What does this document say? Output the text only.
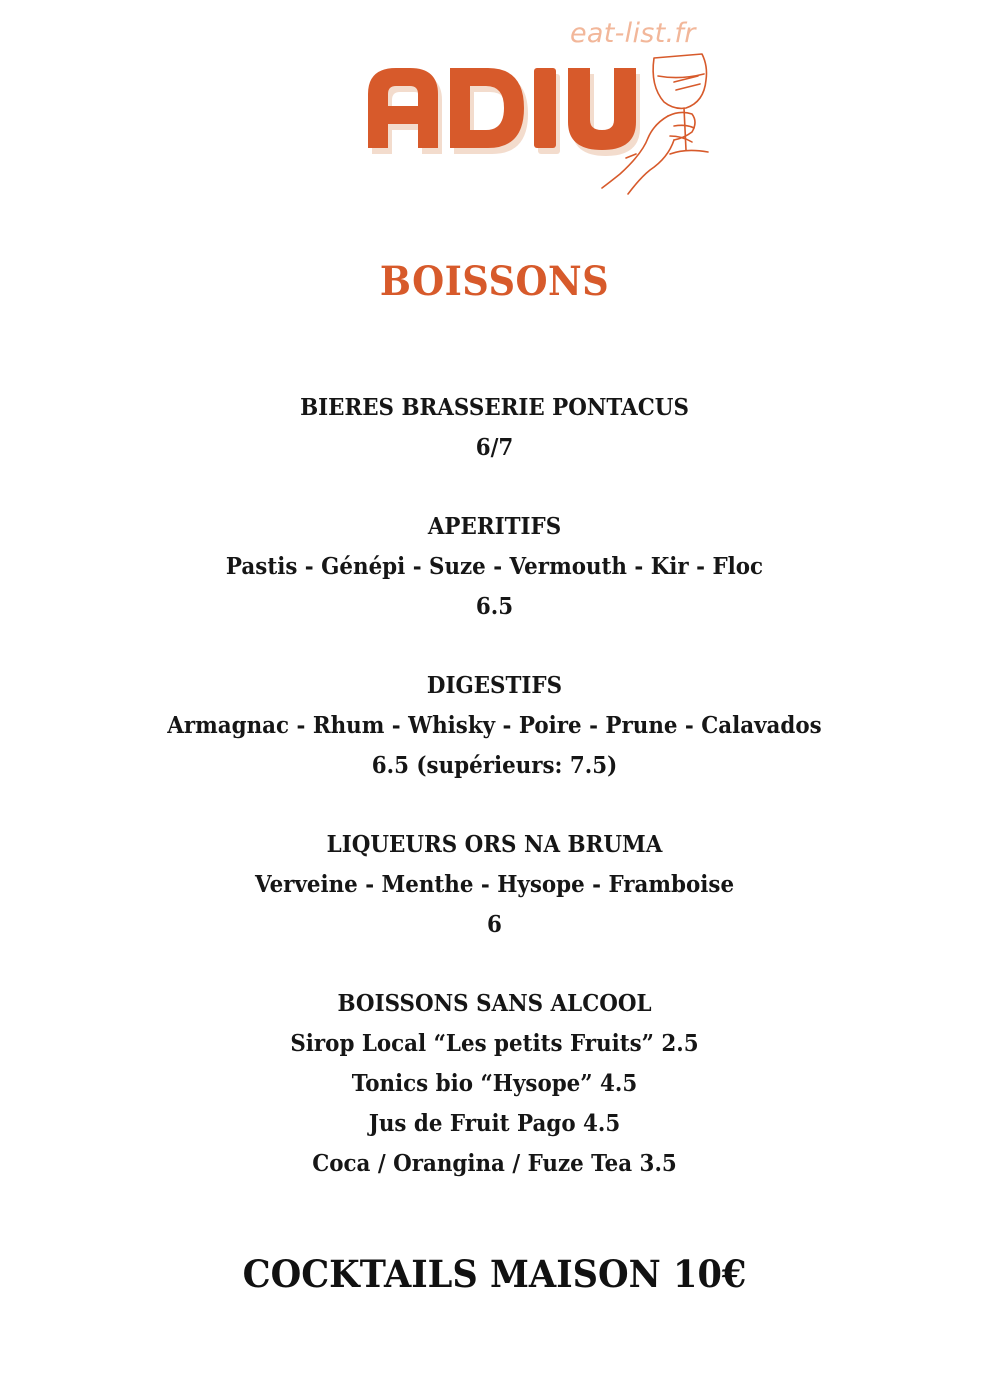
eat-list.fr
BOISSONS
BIERES BRASSERIE PONTACUS
6/7
APERITIFS
Pastis - Génépi - Suze - Vermouth - Kir - Floc
6.5
DIGESTIFS
Armagnac - Rhum - Whisky - Poire - Prune - Calavados
6.5 (supérieurs: 7.5)
LIQUEURS ORS NA BRUMA
Verveine - Menthe - Hysope - Framboise
6
BOISSONS SANS ALCOOL
Sirop Local “Les petits Fruits” 2.5
Tonics bio “Hysope” 4.5
Jus de Fruit Pago 4.5
Coca / Orangina / Fuze Tea 3.5
COCKTAILS MAISON 10€
